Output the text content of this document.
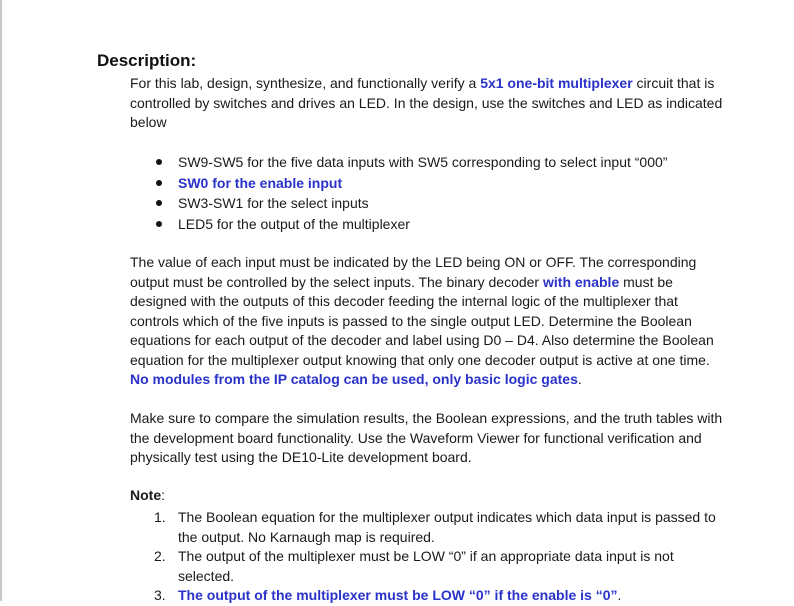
Description:
For this lab, design, synthesize, and functionally verify a 5x1 one-bit multiplexer circuit that is controlled by switches and drives an LED. In the design, use the switches and LED as indicated below
SW9-SW5 for the five data inputs with SW5 corresponding to select input “000”
SW0 for the enable input
SW3-SW1 for the select inputs
LED5 for the output of the multiplexer
The value of each input must be indicated by the LED being ON or OFF. The corresponding output must be controlled by the select inputs. The binary decoder with enable must be designed with the outputs of this decoder feeding the internal logic of the multiplexer that controls which of the five inputs is passed to the single output LED. Determine the Boolean equations for each output of the decoder and label using D0 – D4. Also determine the Boolean equation for the multiplexer output knowing that only one decoder output is active at one time. No modules from the IP catalog can be used, only basic logic gates.
Make sure to compare the simulation results, the Boolean expressions, and the truth tables with the development board functionality. Use the Waveform Viewer for functional verification and physically test using the DE10-Lite development board.
Note:
1. The Boolean equation for the multiplexer output indicates which data input is passed to the output. No Karnaugh map is required.
2. The output of the multiplexer must be LOW “0” if an appropriate data input is not selected.
3. The output of the multiplexer must be LOW “0” if the enable is “0”.
